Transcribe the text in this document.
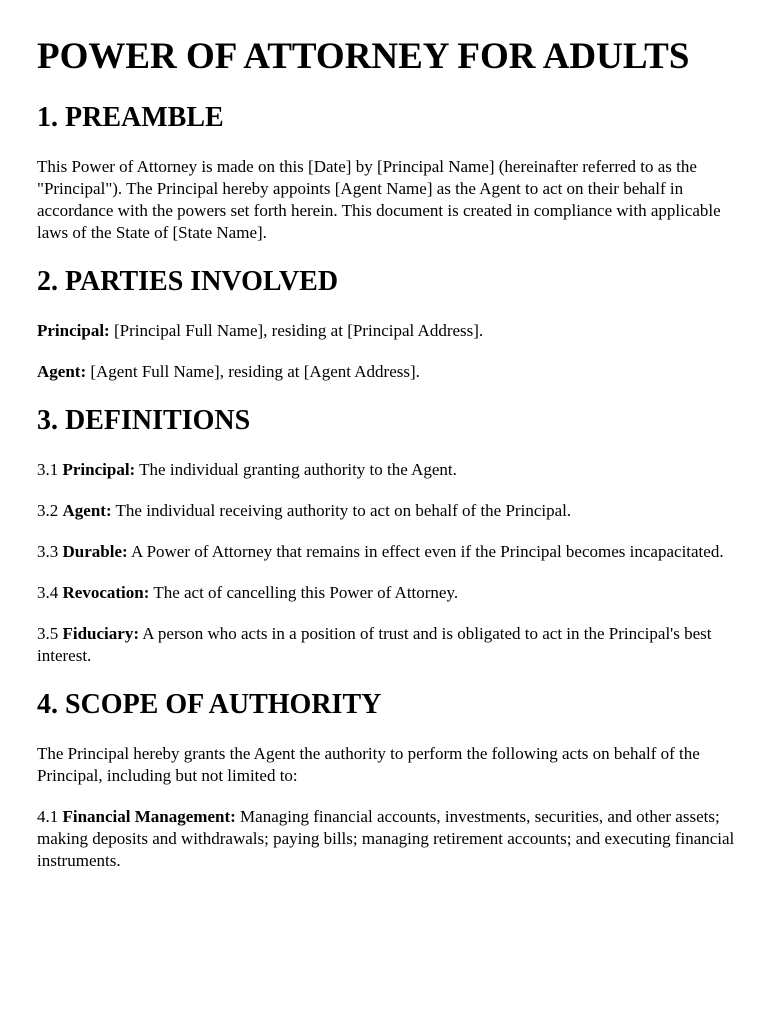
POWER OF ATTORNEY FOR ADULTS
1. PREAMBLE

This Power of Attorney is made on this [Date] by [Principal Name] (hereinafter referred to as the "Principal"). The Principal hereby appoints [Agent Name] as the Agent to act on their behalf in accordance with the powers set forth herein. This document is created in compliance with applicable laws of the State of [State Name].

2. PARTIES INVOLVED

Principal: [Principal Full Name], residing at [Principal Address].

Agent: [Agent Full Name], residing at [Agent Address].

3. DEFINITIONS

3.1 Principal: The individual granting authority to the Agent.

3.2 Agent: The individual receiving authority to act on behalf of the Principal.

3.3 Durable: A Power of Attorney that remains in effect even if the Principal becomes incapacitated.

3.4 Revocation: The act of cancelling this Power of Attorney.

3.5 Fiduciary: A person who acts in a position of trust and is obligated to act in the Principal's best interest.

4. SCOPE OF AUTHORITY

The Principal hereby grants the Agent the authority to perform the following acts on behalf of the Principal, including but not limited to:

4.1 Financial Management: Managing financial accounts, investments, securities, and other assets; making deposits and withdrawals; paying bills; managing retirement accounts; and executing financial instruments.
